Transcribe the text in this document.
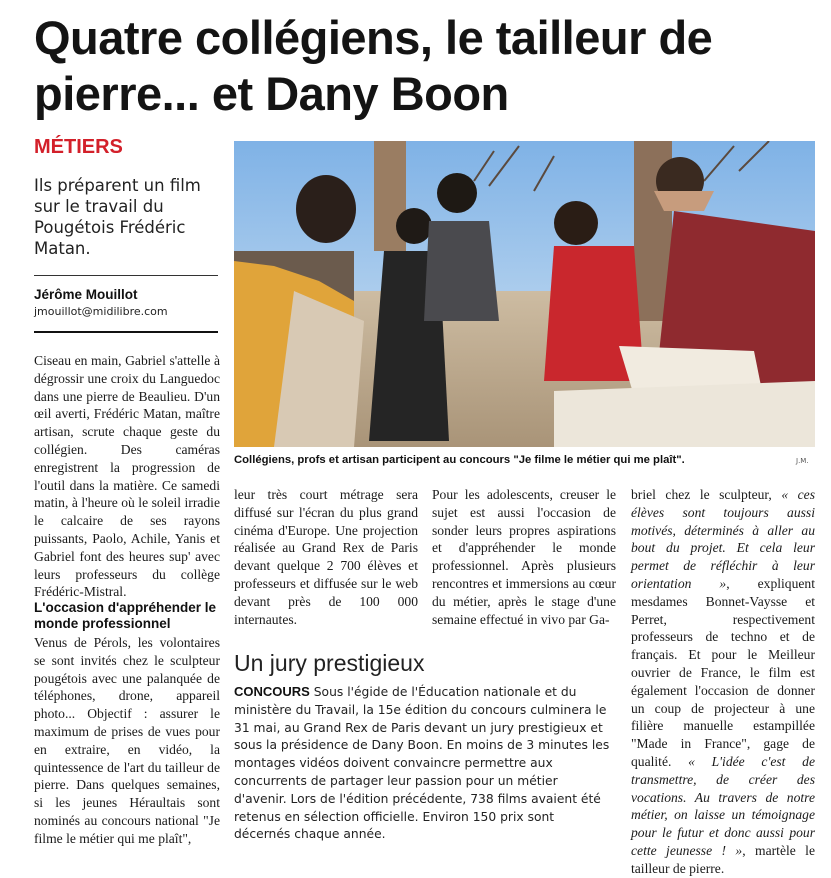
Quatre collégiens, le tailleur de pierre... et Dany Boon
MÉTIERS
Ils préparent un film sur le travail du Pougétois Frédéric Matan.
Jérôme Mouillot
jmouillot@midilibre.com

Ciseau en main, Gabriel s'attelle à dégrossir une croix du Languedoc dans une pierre de Beaulieu. D'un œil averti, Frédéric Matan, maître artisan, scrute chaque geste du collégien. Des caméras enregistrent la progression de l'outil dans la matière. Ce samedi matin, à l'heure où le soleil irradie le calcaire de ses rayons puissants, Paolo, Achile, Yanis et Gabriel font des heures sup' avec leurs professeurs du collège Frédéric-Mistral.

L'occasion d'appréhender le monde professionnel

Venus de Pérols, les volontaires se sont invités chez le sculpteur pougétois avec une palanquée de téléphones, drone, appareil photo... Objectif : assurer le maximum de prises de vues pour en extraire, en vidéo, la quintessence de l'art du tailleur de pierre. Dans quelques semaines, si les jeunes Héraultais sont nominés au concours national "Je filme le métier qui me plaît",

Collégiens, profs et artisan participent au concours "Je filme le métier qui me plaît".	J.M.

leur très court métrage sera diffusé sur l'écran du plus grand cinéma d'Europe. Une projection réalisée au Grand Rex de Paris devant quelque 2 700 élèves et professeurs et diffusée sur le web devant près de 100 000 internautes.

Pour les adolescents, creuser le sujet est aussi l'occasion de sonder leurs propres aspirations et d'appréhender le monde professionnel. Après plusieurs rencontres et immersions au cœur du métier, après le stage d'une semaine effectué in vivo par Ga-

briel chez le sculpteur, « ces élèves sont toujours aussi motivés, déterminés à aller au bout du projet. Et cela leur permet de réfléchir à leur orientation », expliquent mesdames Bonnet-Vaysse et Perret, respectivement professeurs de techno et de français. Et pour le Meilleur ouvrier de France, le film est également l'occasion de donner un coup de projecteur à une filière manuelle estampillée "Made in France", gage de qualité. « L'idée c'est de transmettre, de créer des vocations. Au travers de notre métier, on laisse un témoignage pour le futur et donc aussi pour cette jeunesse ! », martèle le tailleur de pierre.

Un jury prestigieux

CONCOURS Sous l'égide de l'Éducation nationale et du ministère du Travail, la 15e édition du concours culminera le 31 mai, au Grand Rex de Paris devant un jury prestigieux et sous la présidence de Dany Boon. En moins de 3 minutes les montages vidéos doivent convaincre permettre aux concurrents de partager leur passion pour un métier d'avenir. Lors de l'édition précédente, 738 films avaient été retenus en sélection officielle. Environ 150 prix sont décernés chaque année.
